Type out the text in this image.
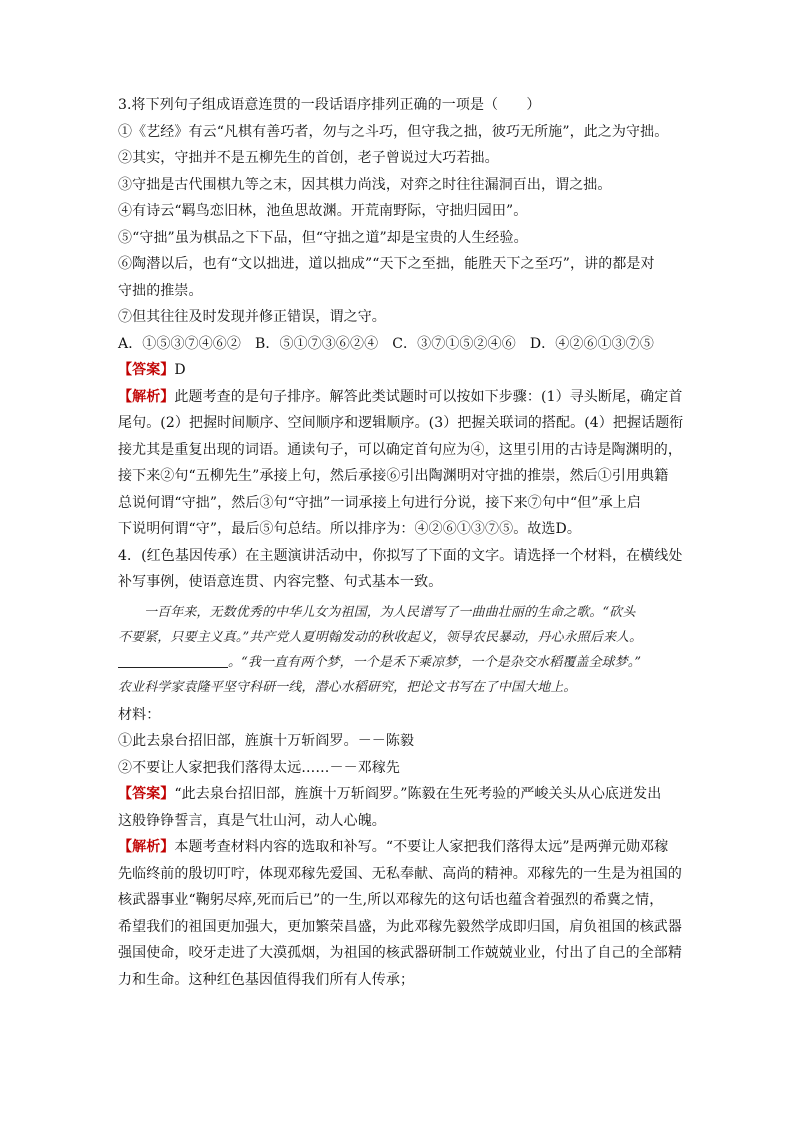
3.将下列句子组成语意连贯的一段话语序排列正确的一项是（　　）
①《艺经》有云“凡棋有善巧者，勿与之斗巧，但守我之拙，彼巧无所施”，此之为守拙。
②其实，守拙并不是五柳先生的首创，老子曾说过大巧若拙。
③守拙是古代围棋九等之末，因其棋力尚浅，对弈之时往往漏洞百出，谓之拙。
④有诗云“羁鸟恋旧林，池鱼思故渊。开荒南野际，守拙归园田”。
⑤“守拙”虽为棋品之下下品，但“守拙之道”却是宝贵的人生经验。
⑥陶潜以后，也有“文以拙进，道以拙成”“天下之至拙，能胜天下之至巧”，讲的都是对
守拙的推崇。
⑦但其往往及时发现并修正错误，谓之守。
A．①⑤③⑦④⑥② B．⑤①⑦③⑥②④ C．③⑦①⑤②④⑥ D．④②⑥①③⑦⑤
【答案】D
【解析】此题考查的是句子排序。解答此类试题时可以按如下步骤：(1）寻头断尾，确定首
尾句。(2）把握时间顺序、空间顺序和逻辑顺序。(3）把握关联词的搭配。(4）把握话题衔
接尤其是重复出现的词语。通读句子，可以确定首句应为④，这里引用的古诗是陶渊明的，
接下来②句“五柳先生”承接上句，然后承接⑥引出陶渊明对守拙的推崇，然后①引用典籍
总说何谓“守拙”，然后③句“守拙”一词承接上句进行分说，接下来⑦句中“但”承上启
下说明何谓“守”，最后⑤句总结。所以排序为：④②⑥①③⑦⑤。故选D。
4．(红色基因传承）在主题演讲活动中，你拟写了下面的文字。请选择一个材料，在横线处
补写事例，使语意连贯、内容完整、句式基本一致。
一百年来，无数优秀的中华儿女为祖国，为人民谱写了一曲曲壮丽的生命之歌。“砍头
不要紧，只要主义真。”共产党人夏明翰发动的秋收起义，领导农民暴动，丹心永照后来人。
。“我一直有两个梦，一个是禾下乘凉梦，一个是杂交水稻覆盖全球梦。”
农业科学家袁隆平坚守科研一线，潜心水稻研究，把论文书写在了中国大地上。
材料：
①此去泉台招旧部，旌旗十万斩阎罗。－－陈毅
②不要让人家把我们落得太远……－－邓稼先
【答案】“此去泉台招旧部，旌旗十万斩阎罗。”陈毅在生死考验的严峻关头从心底迸发出
这般铮铮誓言，真是气壮山河，动人心魄。
【解析】本题考查材料内容的选取和补写。“不要让人家把我们落得太远”是两弹元勋邓稼
先临终前的殷切叮咛，体现邓稼先爱国、无私奉献、高尚的精神。邓稼先的一生是为祖国的
核武器事业“鞠躬尽瘁,死而后已”的一生,所以邓稼先的这句话也蕴含着强烈的希冀之情，
希望我们的祖国更加强大，更加繁荣昌盛，为此邓稼先毅然学成即归国，肩负祖国的核武器
强国使命，咬牙走进了大漠孤烟，为祖国的核武器研制工作兢兢业业，付出了自己的全部精
力和生命。这种红色基因值得我们所有人传承；
